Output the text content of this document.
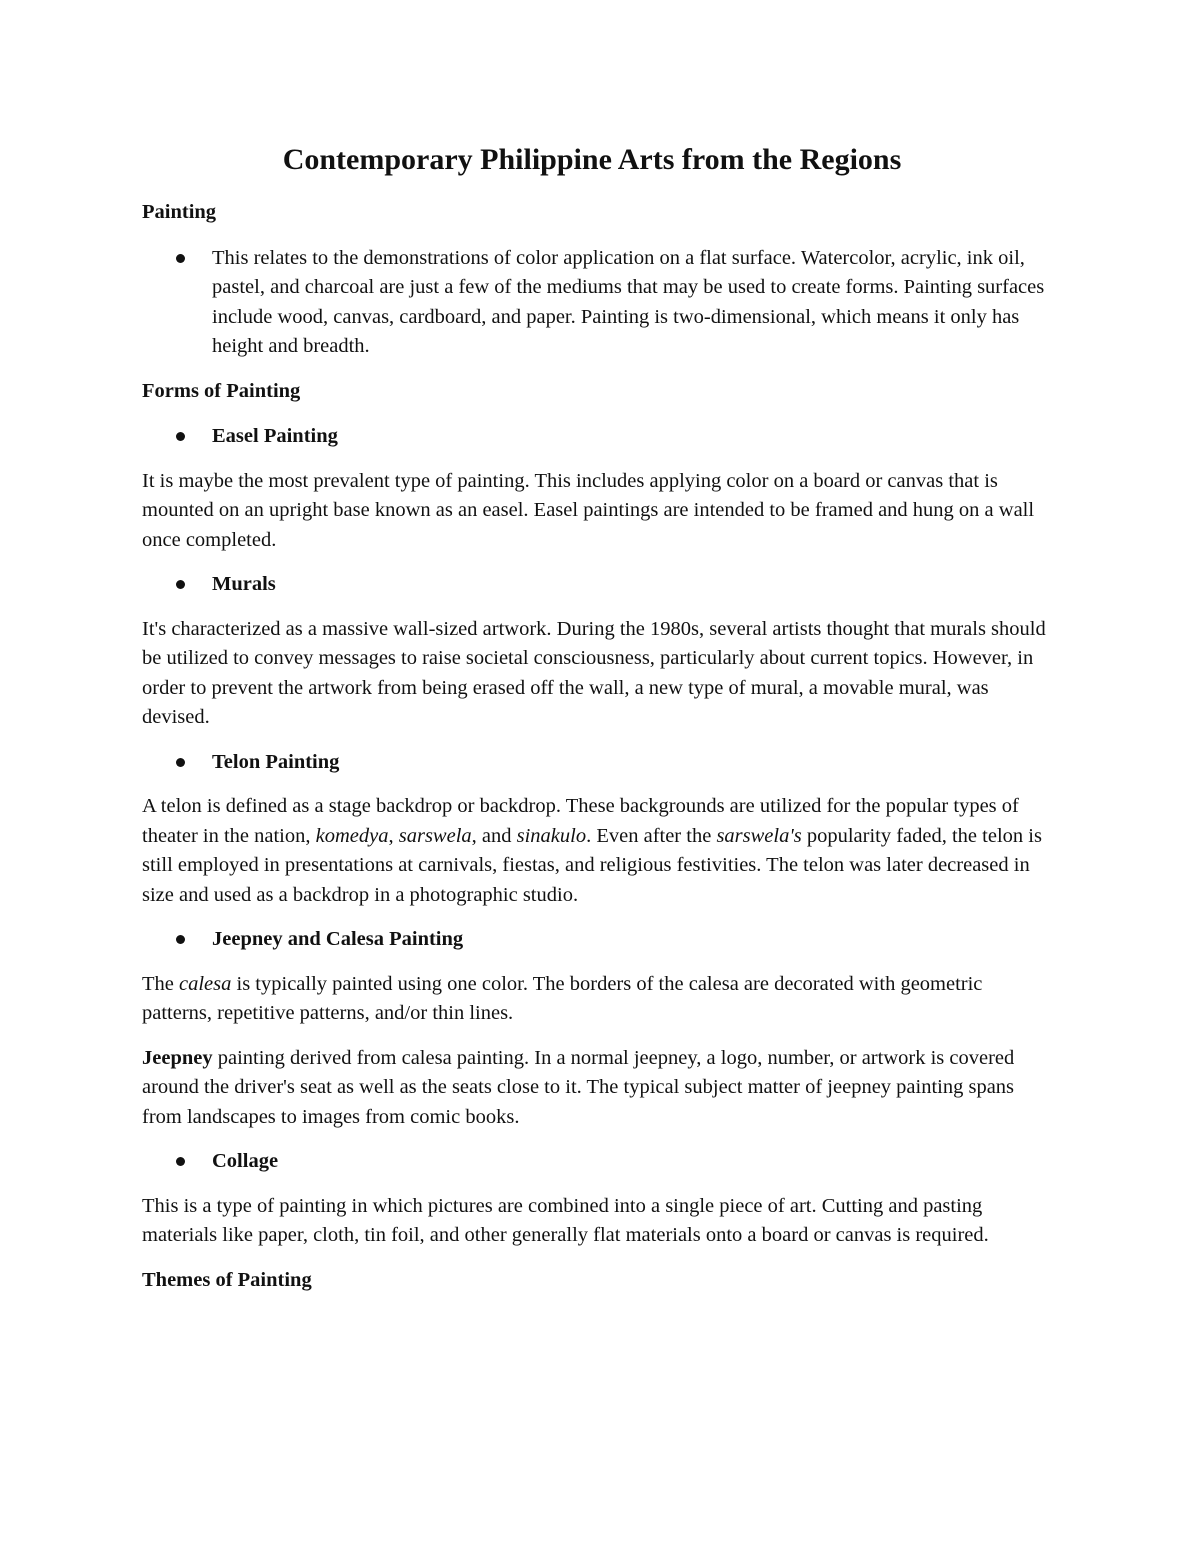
Contemporary Philippine Arts from the Regions
Painting
This relates to the demonstrations of color application on a flat surface. Watercolor, acrylic, ink oil, pastel, and charcoal are just a few of the mediums that may be used to create forms. Painting surfaces include wood, canvas, cardboard, and paper. Painting is two-dimensional, which means it only has height and breadth.
Forms of Painting
Easel Painting
It is maybe the most prevalent type of painting. This includes applying color on a board or canvas that is mounted on an upright base known as an easel. Easel paintings are intended to be framed and hung on a wall once completed.
Murals
It's characterized as a massive wall-sized artwork. During the 1980s, several artists thought that murals should be utilized to convey messages to raise societal consciousness, particularly about current topics. However, in order to prevent the artwork from being erased off the wall, a new type of mural, a movable mural, was devised.
Telon Painting
A telon is defined as a stage backdrop or backdrop. These backgrounds are utilized for the popular types of theater in the nation, komedya, sarswela, and sinakulo. Even after the sarswela's popularity faded, the telon is still employed in presentations at carnivals, fiestas, and religious festivities. The telon was later decreased in size and used as a backdrop in a photographic studio.
Jeepney and Calesa Painting
The calesa is typically painted using one color. The borders of the calesa are decorated with geometric patterns, repetitive patterns, and/or thin lines.
Jeepney painting derived from calesa painting. In a normal jeepney, a logo, number, or artwork is covered around the driver's seat as well as the seats close to it. The typical subject matter of jeepney painting spans from landscapes to images from comic books.
Collage
This is a type of painting in which pictures are combined into a single piece of art. Cutting and pasting materials like paper, cloth, tin foil, and other generally flat materials onto a board or canvas is required.
Themes of Painting
